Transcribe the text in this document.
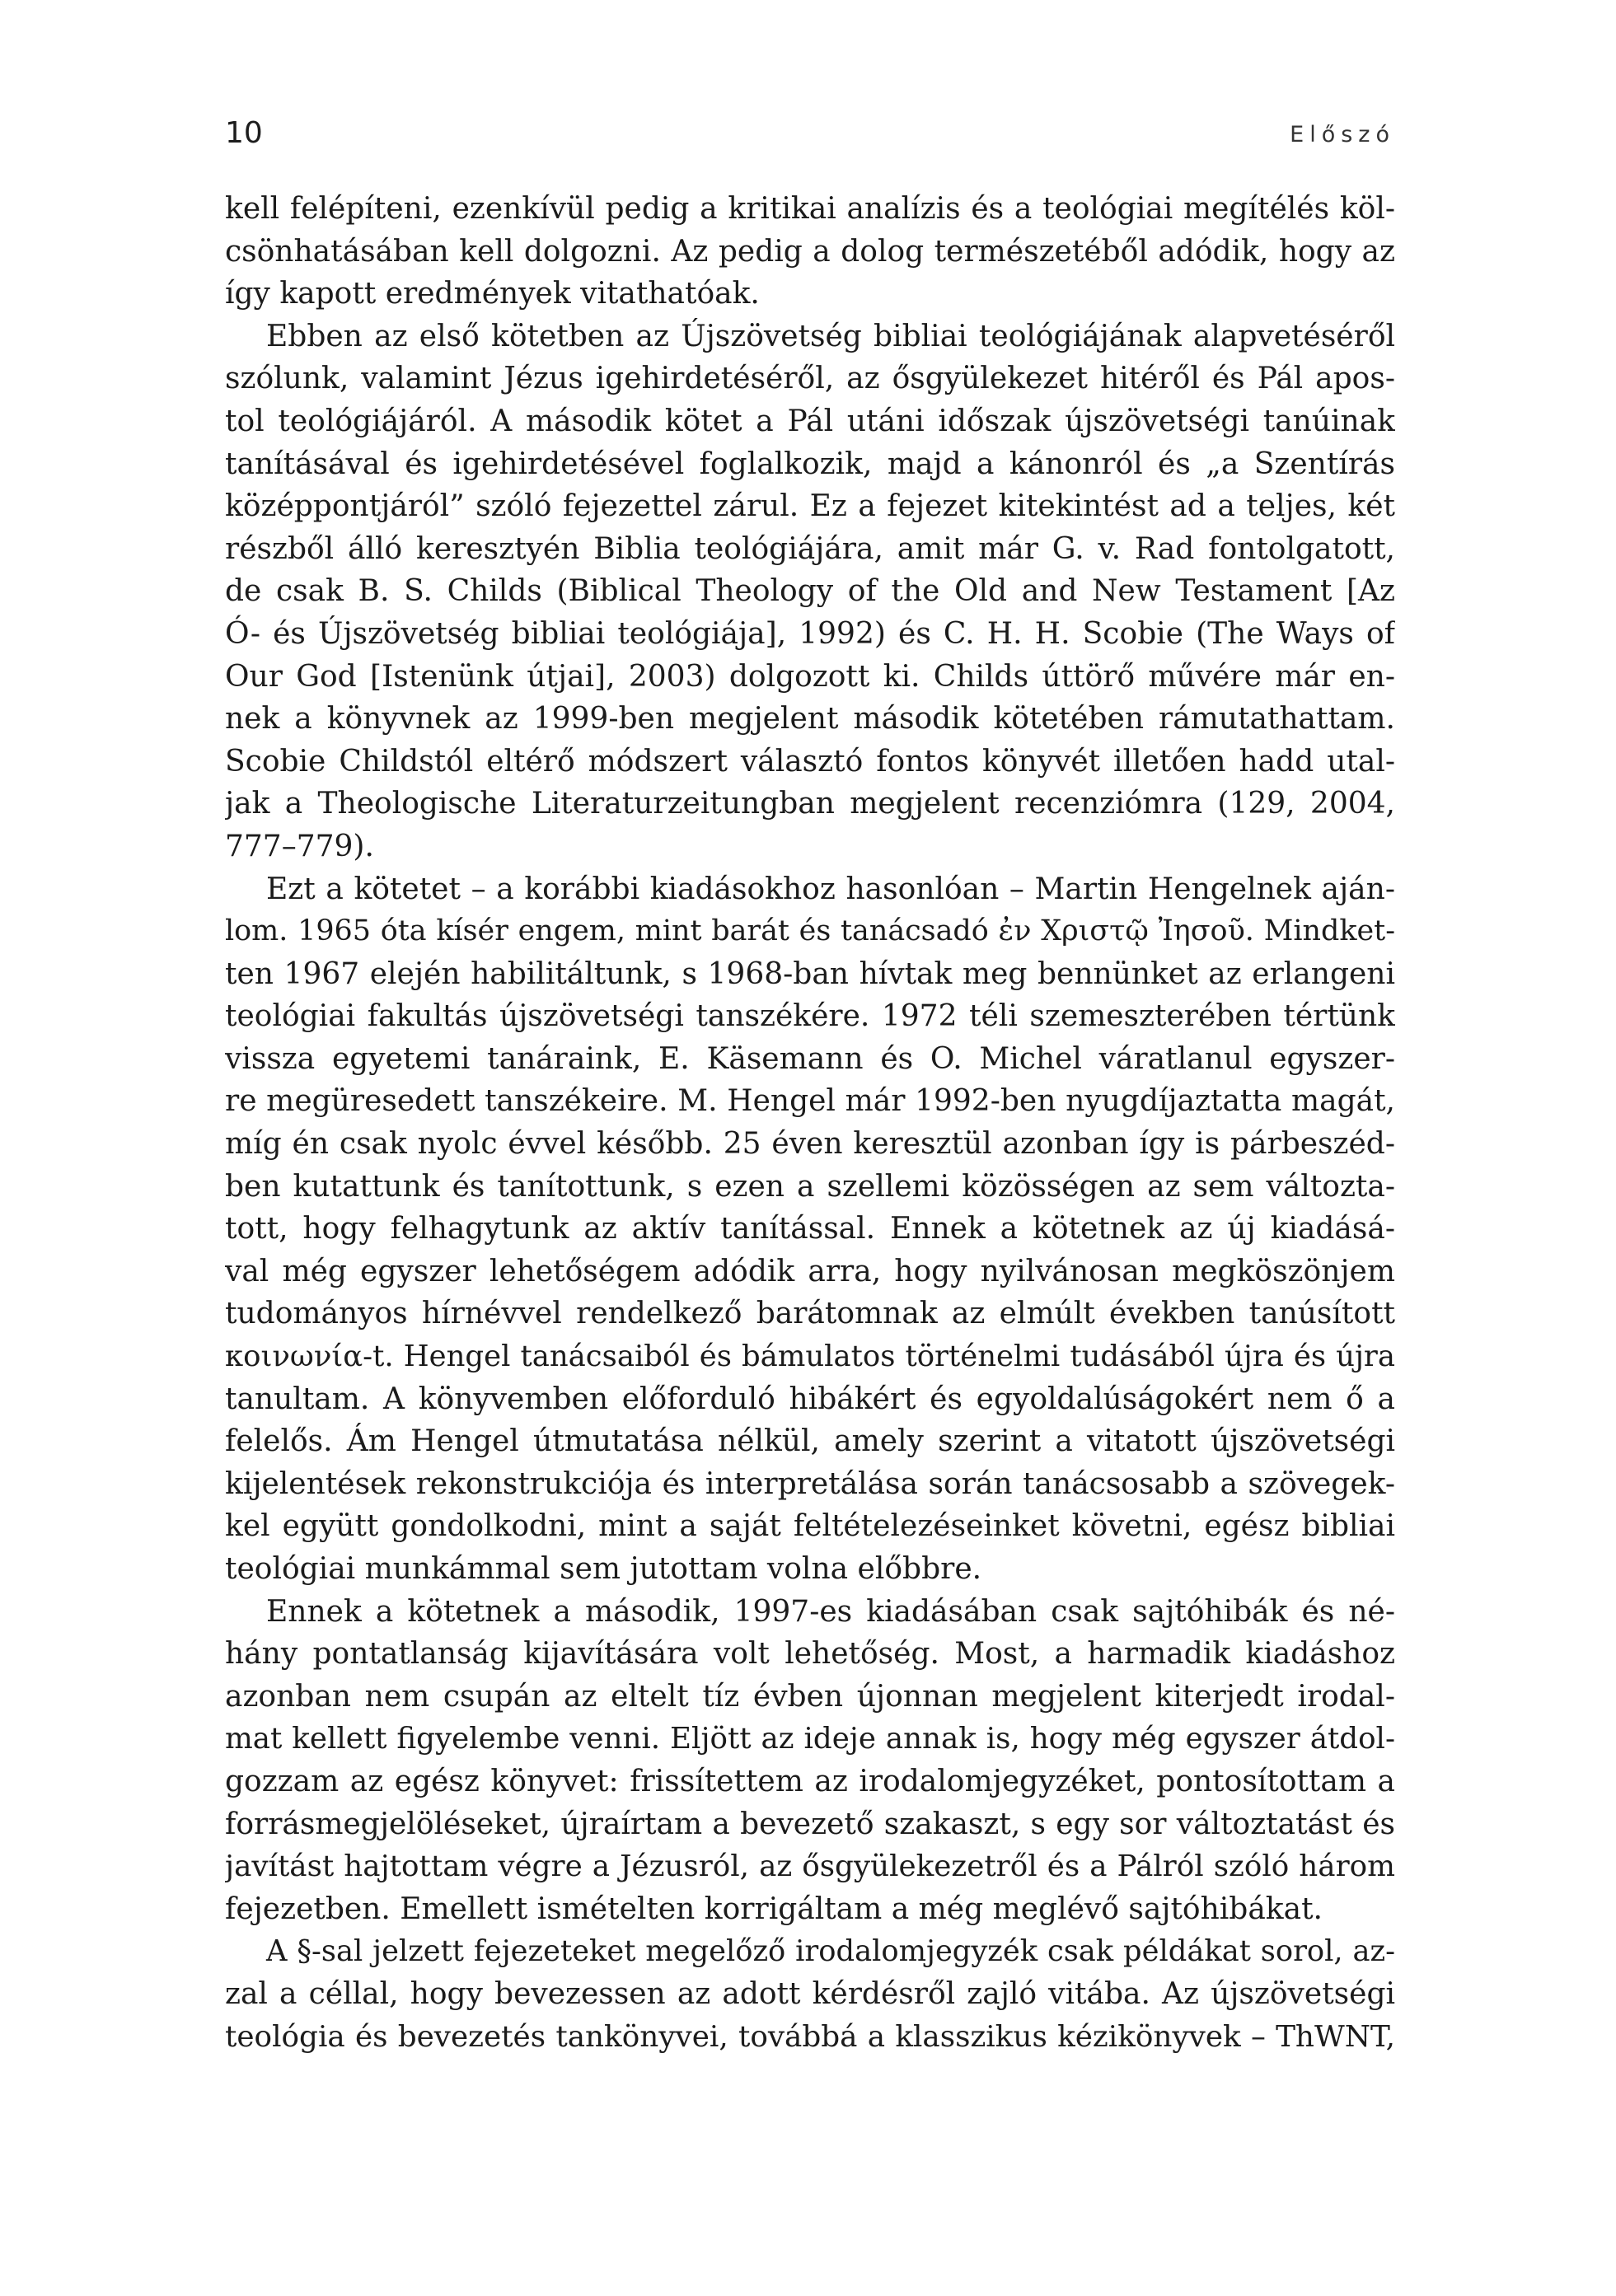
10	Előszó
kell felépíteni, ezenkívül pedig a kritikai analízis és a teológiai megítélés köl-
csönhatásában kell dolgozni. Az pedig a dolog természetéből adódik, hogy az
így kapott eredmények vitathatóak.
Ebben az első kötetben az Újszövetség bibliai teológiájának alapvetéséről
szólunk, valamint Jézus igehirdetéséről, az ősgyülekezet hitéről és Pál apos-
tol teológiájáról. A második kötet a Pál utáni időszak újszövetségi tanúinak
tanításával és igehirdetésével foglalkozik, majd a kánonról és „a Szentírás
középpontjáról” szóló fejezettel zárul. Ez a fejezet kitekintést ad a teljes, két
részből álló keresztyén Biblia teológiájára, amit már G. v. Rad fontolgatott,
de csak B. S. Childs (Biblical Theology of the Old and New Testament [Az
Ó- és Újszövetség bibliai teológiája], 1992) és C. H. H. Scobie (The Ways of
Our God [Istenünk útjai], 2003) dolgozott ki. Childs úttörő művére már en-
nek a könyvnek az 1999-ben megjelent második kötetében rámutathattam.
Scobie Childstól eltérő módszert választó fontos könyvét illetően hadd utal-
jak a Theologische Literaturzeitungban megjelent recenziómra (129, 2004,
777–779).
Ezt a kötetet – a korábbi kiadásokhoz hasonlóan – Martin Hengelnek aján-
lom. 1965 óta kísér engem, mint barát és tanácsadó ἐν Χριστῷ Ἰησοῦ. Mindket-
ten 1967 elején habilitáltunk, s 1968-ban hívtak meg bennünket az erlangeni
teológiai fakultás újszövetségi tanszékére. 1972 téli szemeszterében tértünk
vissza egyetemi tanáraink, E. Käsemann és O. Michel váratlanul egyszer-
re megüresedett tanszékeire. M. Hengel már 1992-ben nyugdíjaztatta magát,
míg én csak nyolc évvel később. 25 éven keresztül azonban így is párbeszéd-
ben kutattunk és tanítottunk, s ezen a szellemi közösségen az sem változta-
tott, hogy felhagytunk az aktív tanítással. Ennek a kötetnek az új kiadásá-
val még egyszer lehetőségem adódik arra, hogy nyilvánosan megköszönjem
tudományos hírnévvel rendelkező barátomnak az elmúlt években tanúsított
κοινωνία-t. Hengel tanácsaiból és bámulatos történelmi tudásából újra és újra
tanultam. A könyvemben előforduló hibákért és egyoldalúságokért nem ő a
felelős. Ám Hengel útmutatása nélkül, amely szerint a vitatott újszövetségi
kijelentések rekonstrukciója és interpretálása során tanácsosabb a szövegek-
kel együtt gondolkodni, mint a saját feltételezéseinket követni, egész bibliai
teológiai munkámmal sem jutottam volna előbbre.
Ennek a kötetnek a második, 1997-es kiadásában csak sajtóhibák és né-
hány pontatlanság kijavítására volt lehetőség. Most, a harmadik kiadáshoz
azonban nem csupán az eltelt tíz évben újonnan megjelent kiterjedt irodal-
mat kellett figyelembe venni. Eljött az ideje annak is, hogy még egyszer átdol-
gozzam az egész könyvet: frissítettem az irodalomjegyzéket, pontosítottam a
forrásmegjelöléseket, újraírtam a bevezető szakaszt, s egy sor változtatást és
javítást hajtottam végre a Jézusról, az ősgyülekezetről és a Pálról szóló három
fejezetben. Emellett ismételten korrigáltam a még meglévő sajtóhibákat.
A §-sal jelzett fejezeteket megelőző irodalomjegyzék csak példákat sorol, az-
zal a céllal, hogy bevezessen az adott kérdésről zajló vitába. Az újszövetségi
teológia és bevezetés tankönyvei, továbbá a klasszikus kézikönyvek – ThWNT,
